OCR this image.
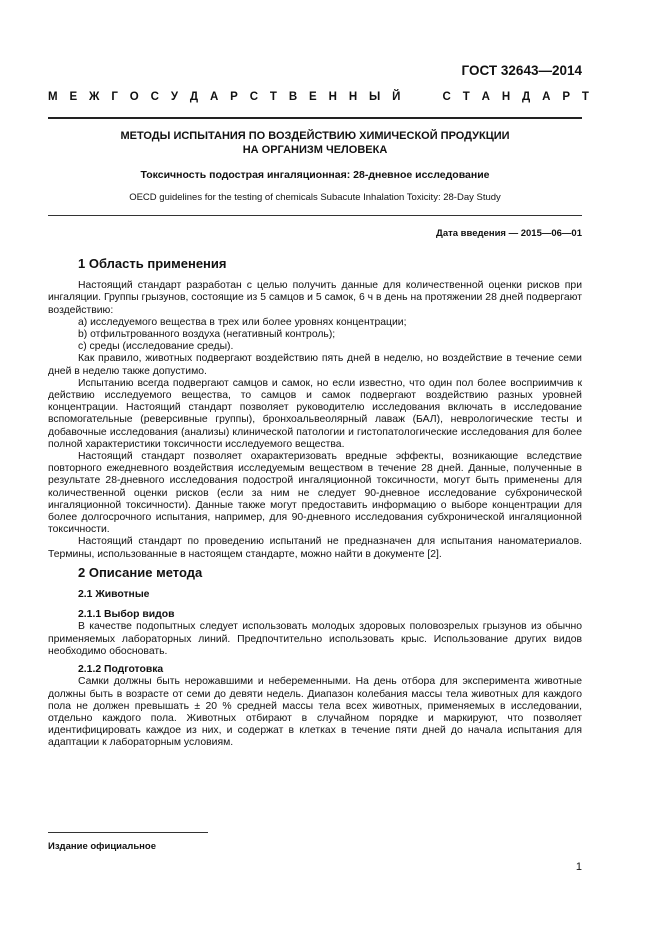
ГОСТ 32643—2014
М Е Ж Г О С У Д А Р С Т В Е Н Н Ы Й

	С Т А Н Д А Р Т
МЕТОДЫ ИСПЫТАНИЯ ПО ВОЗДЕЙСТВИЮ ХИМИЧЕСКОЙ ПРОДУКЦИИ
НА ОРГАНИЗМ ЧЕЛОВЕКА
Токсичность подострая ингаляционная: 28-дневное исследование
OECD guidelines for the testing of chemicals Subacute Inhalation Toxicity: 28-Day Study
Дата введения — 2015—06—01
1 Область применения

Настоящий стандарт разработан с целью получить данные для количественной оценки рисков при ингаляции. Группы грызунов, состоящие из 5 самцов и 5 самок, 6 ч в день на протяжении 28 дней подвергают воздействию:

a) исследуемого вещества в трех или более уровнях концентрации;

b) отфильтрованного воздуха (негативный контроль);

c) среды (исследование среды).

Как правило, животных подвергают воздействию пять дней в неделю, но воздействие в течение семи дней в неделю также допустимо.

Испытанию всегда подвергают самцов и самок, но если известно, что один пол более восприимчив к действию исследуемого вещества, то самцов и самок подвергают воздействию разных уровней концентрации. Настоящий стандарт позволяет руководителю исследования включать в исследование вспомогательные (реверсивные группы), бронхоальвеолярный лаваж (БАЛ), неврологические тесты и добавочные исследования (анализы) клинической патологии и гистопатологические исследования для более полной характеристики токсичности исследуемого вещества.

Настоящий стандарт позволяет охарактеризовать вредные эффекты, возникающие вследствие повторного ежедневного воздействия исследуемым веществом в течение 28 дней. Данные, полученные в результате 28-дневного исследования подострой ингаляционной токсичности, могут быть применены для количественной оценки рисков (если за ним не следует 90-дневное исследование субхронической ингаляционной токсичности). Данные также могут предоставить информацию о выборе концентрации для более долгосрочного испытания, например, для 90-дневного исследования субхронической ингаляционной токсичности.

Настоящий стандарт по проведению испытаний не предназначен для испытания наноматериалов. Термины, использованные в настоящем стандарте, можно найти в документе [2].

2 Описание метода
2.1 Животные
2.1.1 Выбор видов

В качестве подопытных следует использовать молодых здоровых половозрелых грызунов из обычно применяемых лабораторных линий. Предпочтительно использовать крыс. Использование других видов необходимо обосновать.

2.1.2 Подготовка

Самки должны быть нерожавшими и небеременными. На день отбора для эксперимента животные должны быть в возрасте от семи до девяти недель. Диапазон колебания массы тела животных для каждого пола не должен превышать ± 20 % средней массы тела всех животных, применяемых в исследовании, отдельно каждого пола. Животных отбирают в случайном порядке и маркируют, что позволяет идентифицировать каждое из них, и содержат в клетках в течение пяти дней до начала испытания для адаптации к лабораторным условиям.

Издание официальное
1
